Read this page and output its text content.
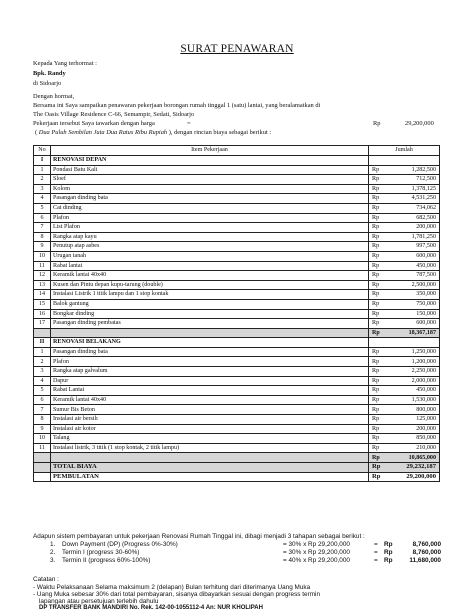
SURAT PENAWARAN
Kepada Yang terhormat :
Bpk. Randy
di Sidoarjo
Dengan hormat,
Bersama ini Saya sampaikan penawaran pekerjaan borongan rumah tinggal 1 (satu) lantai, yang beralamatkan di
The Oasis Village Residence C-66, Semampir, Sedati, Sidoarjo
Pekerjaan tersebut Saya tawarkan dengan harga	=	Rp	29,200,000
( Dua Puluh Sembilan Juta Dua Ratus Ribu Rupiah ), dengan rincian biaya sebagai berikut :
No	Item Pekerjaan	Jumlah	
I	RENOVASI DEPAN		
1	Pondasi Batu Kali	Rp	1,282,500
2	Sloef	Rp	712,500
3	Kolom	Rp	1,378,125
4	Pasangan dinding bata	Rp	4,531,250
5	Cat dinding	Rp	734,062
6	Plafon	Rp	682,500
7	List Plafon	Rp	200,000
8	Rangka atap kayu	Rp	1,781,250
9	Penutup atap asbes	Rp	997,500
10	Urugan tanah	Rp	600,000
11	Rabat lantai	Rp	450,000
12	Keramik lantai 40x40	Rp	787,500
13	Kusen dan Pintu depan kupu-tarung (double)	Rp	2,500,000
14	Instalasi Listrik 1 titik lampu dan 1 stop kontak	Rp	350,000
15	Balok gantung	Rp	750,000
16	Bongkar dinding	Rp	150,000
17	Pasangan dinding pembatas	Rp	600,000
		Rp	18,367,187
II	RENOVASI BELAKANG		
1	Pasangan dinding bata	Rp	1,250,000
2	Plafon	Rp	1,200,000
3	Rangka atap galvalum	Rp	2,250,000
4	Dapur	Rp	2,000,000
5	Rabat Lantai	Rp	450,000
6	Keramik lantai 40x40	Rp	1,530,000
7	Sumur Bis Beton	Rp	800,000
8	Instalasi air bersih	Rp	125,000
9	Instalasi air kotor	Rp	200,000
10	Talang	Rp	850,000
11	Instalasi listrik, 3 titik (1 stop kontak, 2 titik lampu)	Rp	210,000
		Rp	10,865,000
	TOTAL BIAYA	Rp	29,232,187
	PEMBULATAN	Rp	29,200,000
Adapun sistem pembayaran untuk pekerjaan Renovasi Rumah Tinggal ini, dibagi menjadi 3 tahapan sebagai berikut :
1. Down Payment (DP) (Progress 0%-30%)	= 30% x Rp 29,200,000	= Rp	8,760,000
2. Termin I (progress 30-60%)	= 30% x Rp 29,200,000	= Rp	8,760,000
3. Termin II (progress 60%-100%)	= 40% x Rp 29,200,000	= Rp	11,680,000
Catatan :
- Waktu Pelaksanaan Selama maksimum 2 (delapan) Bulan terhitung dari diterimanya Uang Muka
- Uang Muka sebesar 30% dari total pembayaran, sisanya dibayarkan sesuai dengan progress termin
lapangan atau persetujuan terlebih dahulu
DP TRANSFER BANK MANDIRI No. Rek. 142-00-1055112-4 An: NUR KHOLIPAH
